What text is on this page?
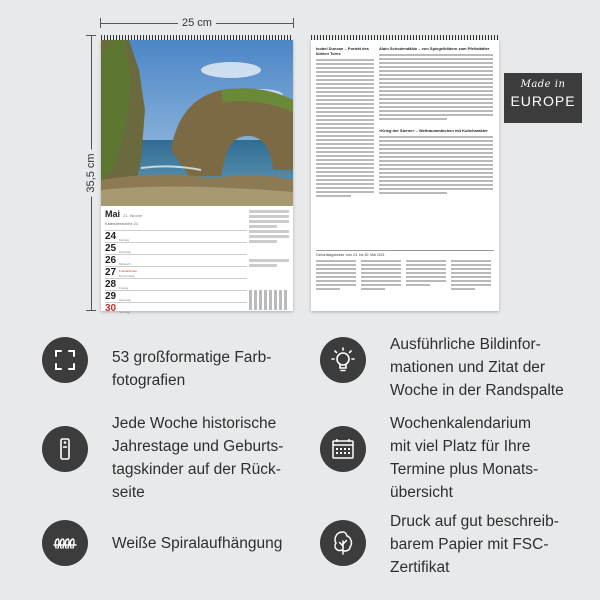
25 cm
35,5 cm
Mai 21. Woche
Kalenderwoche 21
24 Montag
25 Dienstag
26 Mittwoch
27 Fronleichnam
Donnerstag
28 Freitag
29 Samstag
30 Sonntag
Isobel Duncan – Porträt des kühlen Tores
Alain Schodendähle – von Spiegelbildern zum Pfeilstädter
«Krieg der Sterne» – Weltraummärchen mit Kultcharakter
Geburtstagskinder vom 24. bis 30. Mai 2021
Made in
EUROPE
53 großformatige Farb-
fotografien
Ausführliche Bildinfor-
mationen und Zitat der
Woche in der Randspalte
Jede Woche historische
Jahrestage und Geburts-
tagskinder auf der Rück-
seite
Wochenkalendarium
mit viel Platz für Ihre
Termine plus Monats-
übersicht
Weiße Spiralaufhängung
Druck auf gut beschreib-
barem Papier mit FSC-
Zertifikat
